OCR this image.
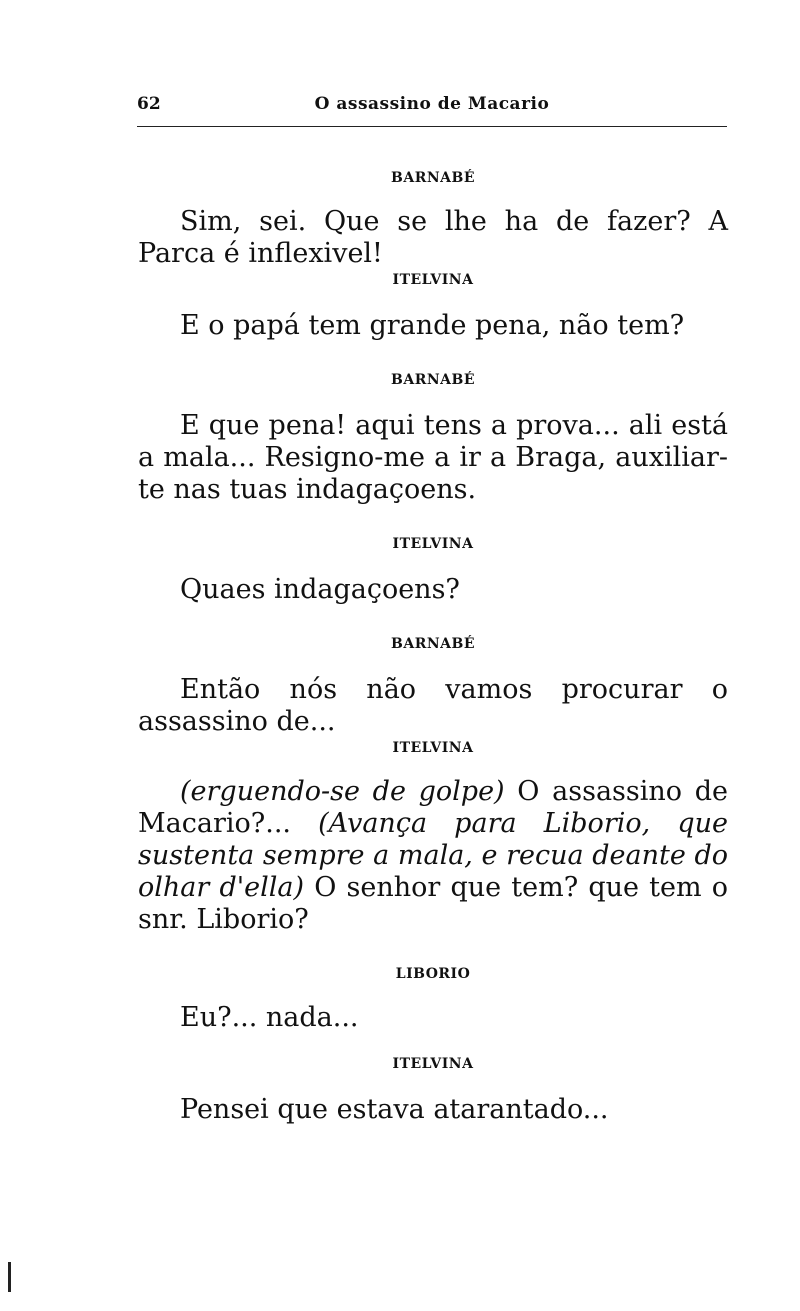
62	O assassino de Macario
BARNABÉ

Sim, sei. Que se lhe ha de fazer? A Parca é inflexivel!

ITELVINA

E o papá tem grande pena, não tem?

BARNABÉ

E que pena! aqui tens a prova... ali está a mala... Resigno-me a ir a Braga, auxiliar-te nas tuas indagaçoens.

ITELVINA

Quaes indagaçoens?

BARNABÉ

Então nós não vamos procurar o assassino de...

ITELVINA

(erguendo-se de golpe) O assassino de Macario?... (Avança para Liborio, que sustenta sempre a mala, e recua deante do olhar d'ella) O senhor que tem? que tem o snr. Liborio?

LIBORIO

Eu?... nada...

ITELVINA

Pensei que estava atarantado...
